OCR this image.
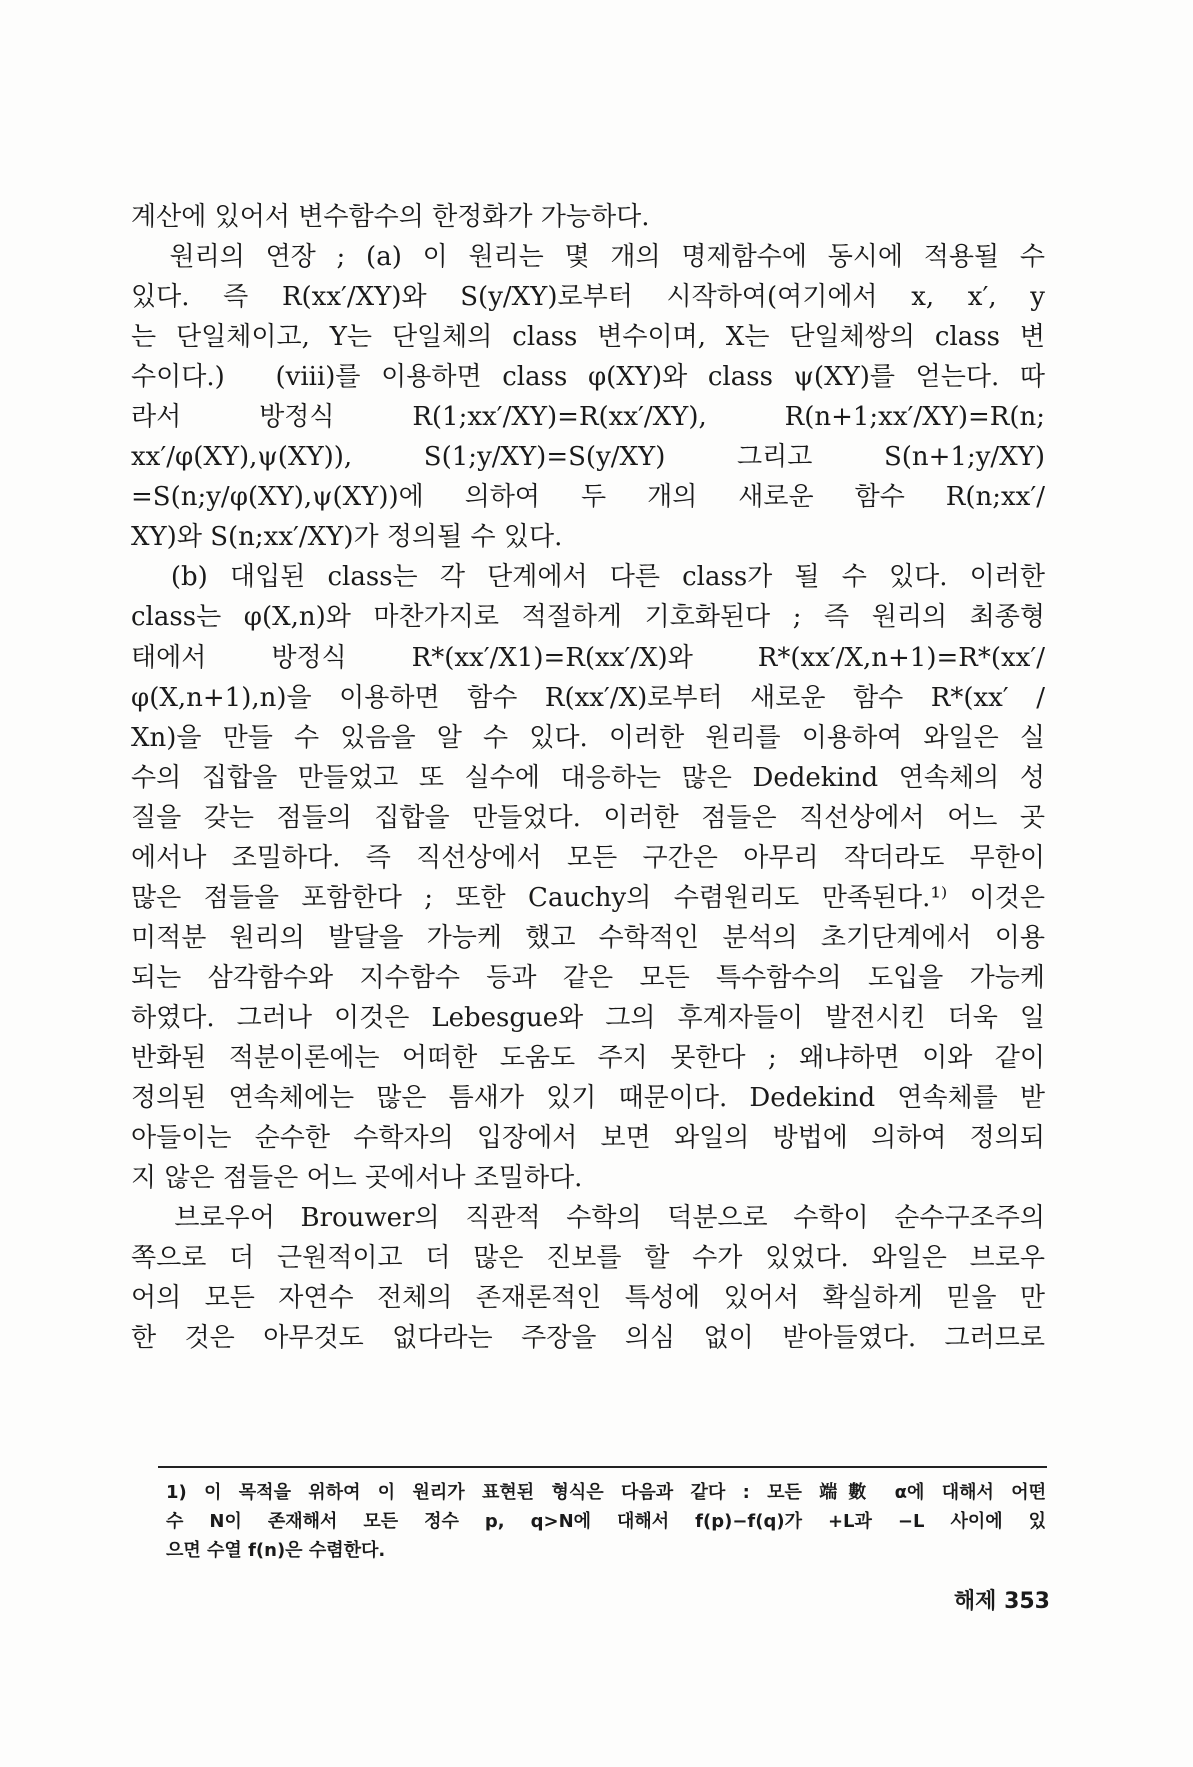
계산에 있어서 변수함수의 한정화가 가능하다.
　원리의 연장 ; (a) 이 원리는 몇 개의 명제함수에 동시에 적용될 수
있다. 즉 R(xx′/XY)와 S(y/XY)로부터 시작하여(여기에서 x, x′, y
는 단일체이고, Y는 단일체의 class 변수이며, X는 단일체쌍의 class 변
수이다.)　(viii)를 이용하면 class φ(XY)와 class ψ(XY)를 얻는다. 따
라서 방정식 R(1;xx′/XY)=R(xx′/XY), R(n+1;xx′/XY)=R(n;
xx′/φ(XY),ψ(XY)), S(1;y/XY)=S(y/XY) 그리고 S(n+1;y/XY)
=S(n;y/φ(XY),ψ(XY))에 의하여 두 개의 새로운 함수 R(n;xx′/
XY)와 S(n;xx′/XY)가 정의될 수 있다.
　(b) 대입된 class는 각 단계에서 다른 class가 될 수 있다. 이러한
class는 φ(X,n)와 마찬가지로 적절하게 기호화된다 ; 즉 원리의 최종형
태에서 방정식 R*(xx′/X1)=R(xx′/X)와 R*(xx′/X,n+1)=R*(xx′/
φ(X,n+1),n)을 이용하면 함수 R(xx′/X)로부터 새로운 함수 R*(xx′ /
Xn)을 만들 수 있음을 알 수 있다. 이러한 원리를 이용하여 와일은 실
수의 집합을 만들었고 또 실수에 대응하는 많은 Dedekind 연속체의 성
질을 갖는 점들의 집합을 만들었다. 이러한 점들은 직선상에서 어느 곳
에서나 조밀하다. 즉 직선상에서 모든 구간은 아무리 작더라도 무한이
많은 점들을 포함한다 ; 또한 Cauchy의 수렴원리도 만족된다.¹⁾ 이것은
미적분 원리의 발달을 가능케 했고 수학적인 분석의 초기단계에서 이용
되는 삼각함수와 지수함수 등과 같은 모든 특수함수의 도입을 가능케
하였다. 그러나 이것은 Lebesgue와 그의 후계자들이 발전시킨 더욱 일
반화된 적분이론에는 어떠한 도움도 주지 못한다 ; 왜냐하면 이와 같이
정의된 연속체에는 많은 틈새가 있기 때문이다. Dedekind 연속체를 받
아들이는 순수한 수학자의 입장에서 보면 와일의 방법에 의하여 정의되
지 않은 점들은 어느 곳에서나 조밀하다.
　브로우어 Brouwer의 직관적 수학의 덕분으로 수학이 순수구조주의
쪽으로 더 근원적이고 더 많은 진보를 할 수가 있었다. 와일은 브로우
어의 모든 자연수 전체의 존재론적인 특성에 있어서 확실하게 믿을 만
한 것은 아무것도 없다라는 주장을 의심 없이 받아들였다. 그러므로
1) 이 목적을 위하여 이 원리가 표현된 형식은 다음과 같다 : 모든 端數 α에 대해서 어떤
수 N이 존재해서 모든 정수 p, q>N에 대해서 f(p)−f(q)가 +L과 −L 사이에 있
으면 수열 f(n)은 수렴한다.
해제 353
